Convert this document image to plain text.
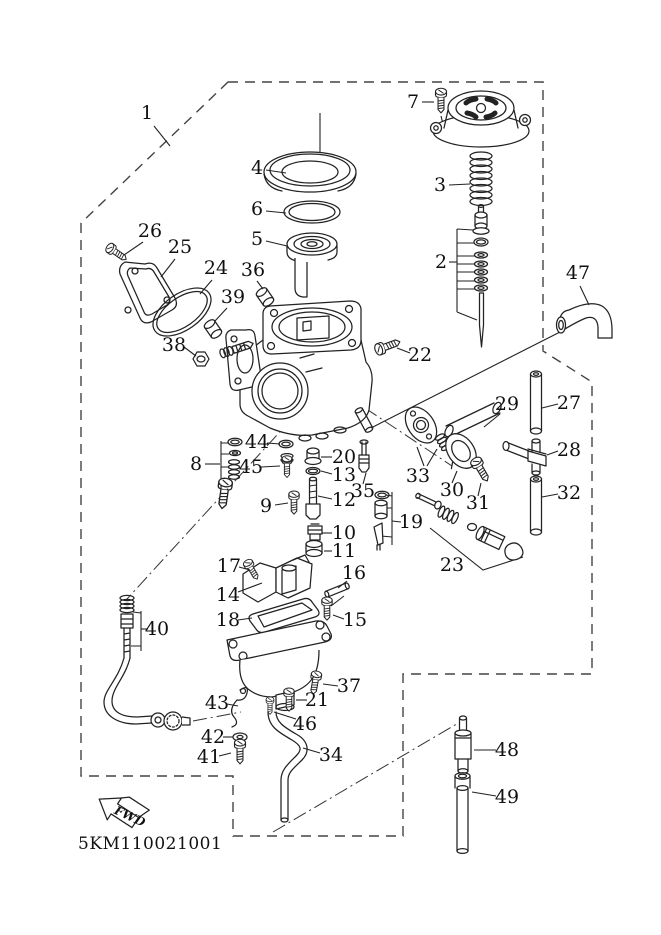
FWD
5KM110021001
1
2
3
4
5
6
7
8
9
10
11
12
13
14
15
16
17
18
19
20
21
22
23
24
25
26
27
28
29
30
31	32
33
34
35
36
37
38
39
40
41
42
43
44
45
46
47
48
49
